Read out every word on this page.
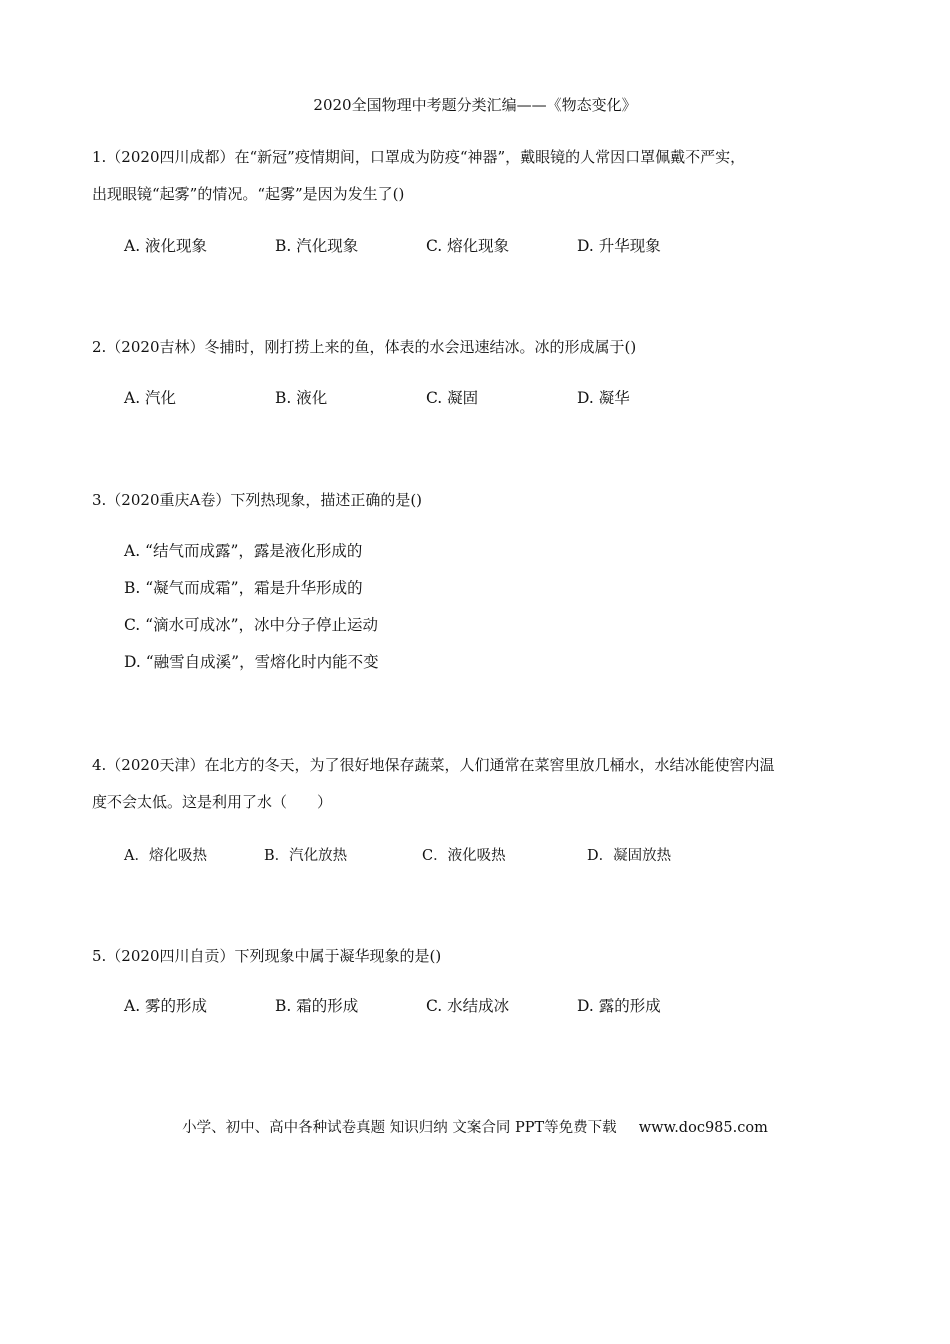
2020全国物理中考题分类汇编——《物态变化》
1.（2020四川成都）在“新冠”疫情期间，口罩成为防疫“神器”，戴眼镜的人常因口罩佩戴不严实，
出现眼镜“起雾”的情况。“起雾”是因为发生了()
A. 液化现象	B. 汽化现象	C. 熔化现象	D. 升华现象
2.（2020吉林）冬捕时，刚打捞上来的鱼，体表的水会迅速结冰。冰的形成属于()
A. 汽化	B. 液化	C. 凝固	D. 凝华
3.（2020重庆A卷）下列热现象，描述正确的是()
A. “结气而成露”，露是液化形成的
B. “凝气而成霜”，霜是升华形成的
C. “滴水可成冰”，冰中分子停止运动
D. “融雪自成溪”，雪熔化时内能不变
4.（2020天津）在北方的冬天，为了很好地保存蔬菜，人们通常在菜窖里放几桶水，水结冰能使窖内温
度不会太低。这是利用了水（　　）
A．熔化吸热	B．汽化放热	C．液化吸热	D．凝固放热
5.（2020四川自贡）下列现象中属于凝华现象的是()
A. 雾的形成	B. 霜的形成	C. 水结成冰	D. 露的形成
小学、初中、高中各种试卷真题 知识归纳 文案合同 PPT等免费下载 www.doc985.com
